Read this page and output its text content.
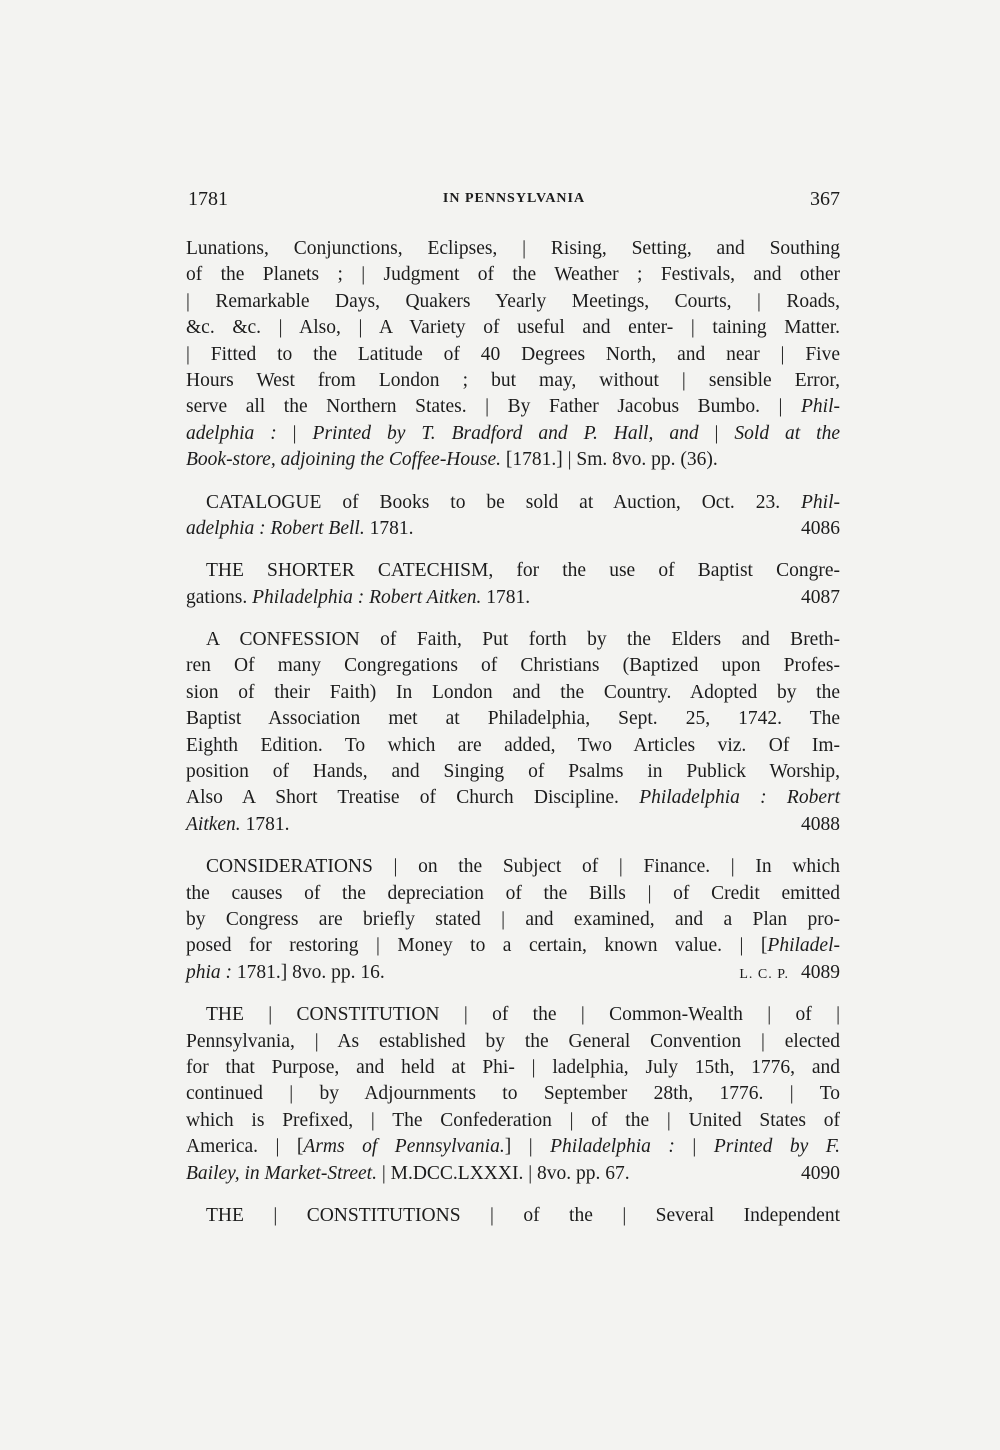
1781	IN PENNSYLVANIA	367
Lunations, Conjunctions, Eclipses, | Rising, Setting, and Southing
of the Planets ; | Judgment of the Weather ; Festivals, and other
| Remarkable Days, Quakers Yearly Meetings, Courts, | Roads,
&c. &c. | Also, | A Variety of useful and enter- | taining Matter.
| Fitted to the Latitude of 40 Degrees North, and near | Five
Hours West from London ; but may, without | sensible Error,
serve all the Northern States. | By Father Jacobus Bumbo. | Phil-
adelphia : | Printed by T. Bradford and P. Hall, and | Sold at the
Book-store, adjoining the Coffee-House. [1781.] | Sm. 8vo. pp. (36).
CATALOGUE of Books to be sold at Auction, Oct. 23. Phil-
adelphia : Robert Bell. 1781.	4086
THE SHORTER CATECHISM, for the use of Baptist Congre-
gations. Philadelphia : Robert Aitken. 1781.	4087
A CONFESSION of Faith, Put forth by the Elders and Breth-
ren Of many Congregations of Christians (Baptized upon Profes-
sion of their Faith) In London and the Country. Adopted by the
Baptist Association met at Philadelphia, Sept. 25, 1742. The
Eighth Edition. To which are added, Two Articles viz. Of Im-
position of Hands, and Singing of Psalms in Publick Worship,
Also A Short Treatise of Church Discipline. Philadelphia : Robert
Aitken. 1781.	4088
CONSIDERATIONS | on the Subject of | Finance. | In which
the causes of the depreciation of the Bills | of Credit emitted
by Congress are briefly stated | and examined, and a Plan pro-
posed for restoring | Money to a certain, known value. | [Philadel-
phia : 1781.] 8vo. pp. 16.	L. C. P. 4089
THE | CONSTITUTION | of the | Common-Wealth | of |
Pennsylvania, | As established by the General Convention | elected
for that Purpose, and held at Phi- | ladelphia, July 15th, 1776, and
continued | by Adjournments to September 28th, 1776. | To
which is Prefixed, | The Confederation | of the | United States of
America. | [Arms of Pennsylvania.] | Philadelphia : | Printed by F.
Bailey, in Market-Street. | M.DCC.LXXXI. | 8vo. pp. 67.	4090
THE | CONSTITUTIONS | of the | Several Independent
